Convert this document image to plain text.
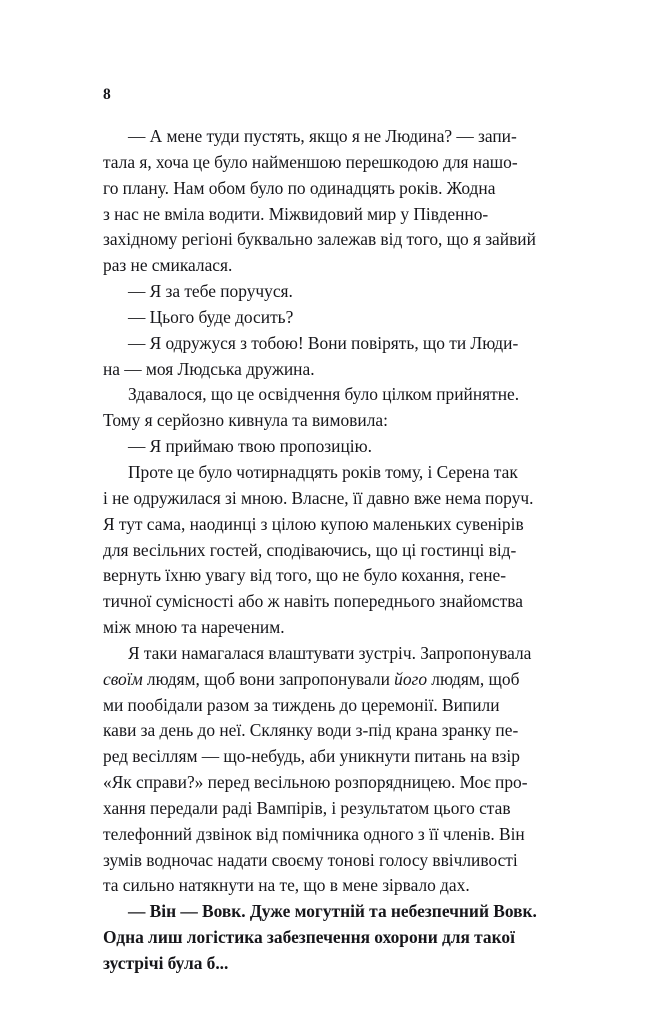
8
— А мене туди пустять, якщо я не Людина? — запи-
тала я, хоча це було найменшою перешкодою для нашо-
го плану. Нам обом було по одинадцять років. Жодна
з нас не вміла водити. Міжвидовий мир у Південно-
західному регіоні буквально залежав від того, що я зайвий
раз не смикалася.
— Я за тебе поручуся.
— Цього буде досить?
— Я одружуся з тобою! Вони повірять, що ти Люди-
на — моя Людська дружина.
Здавалося, що це освідчення було цілком прийнятне.
Тому я серйозно кивнула та вимовила:
— Я приймаю твою пропозицію.
Проте це було чотирнадцять років тому, і Серена так
і не одружилася зі мною. Власне, її давно вже нема поруч.
Я тут сама, наодинці з цілою купою маленьких сувенірів
для весільних гостей, сподіваючись, що ці гостинці від-
вернуть їхню увагу від того, що не було кохання, гене-
тичної сумісності або ж навіть попереднього знайомства
між мною та нареченим.
Я таки намагалася влаштувати зустріч. Запропонувала
своїм людям, щоб вони запропонували його людям, щоб
ми пообідали разом за тиждень до церемонії. Випили
кави за день до неї. Склянку води з-під крана зранку пе-
ред весіллям — що-небудь, аби уникнути питань на взір
«Як справи?» перед весільною розпорядницею. Моє про-
хання передали раді Вампірів, і результатом цього став
телефонний дзвінок від помічника одного з її членів. Він
зумів водночас надати своєму тонові голосу ввічливості
та сильно натякнути на те, що в мене зірвало дах.
— Він — Вовк. Дуже могутній та небезпечний Вовк.
Одна лиш логістика забезпечення охорони для такої
зустрічі була б...
